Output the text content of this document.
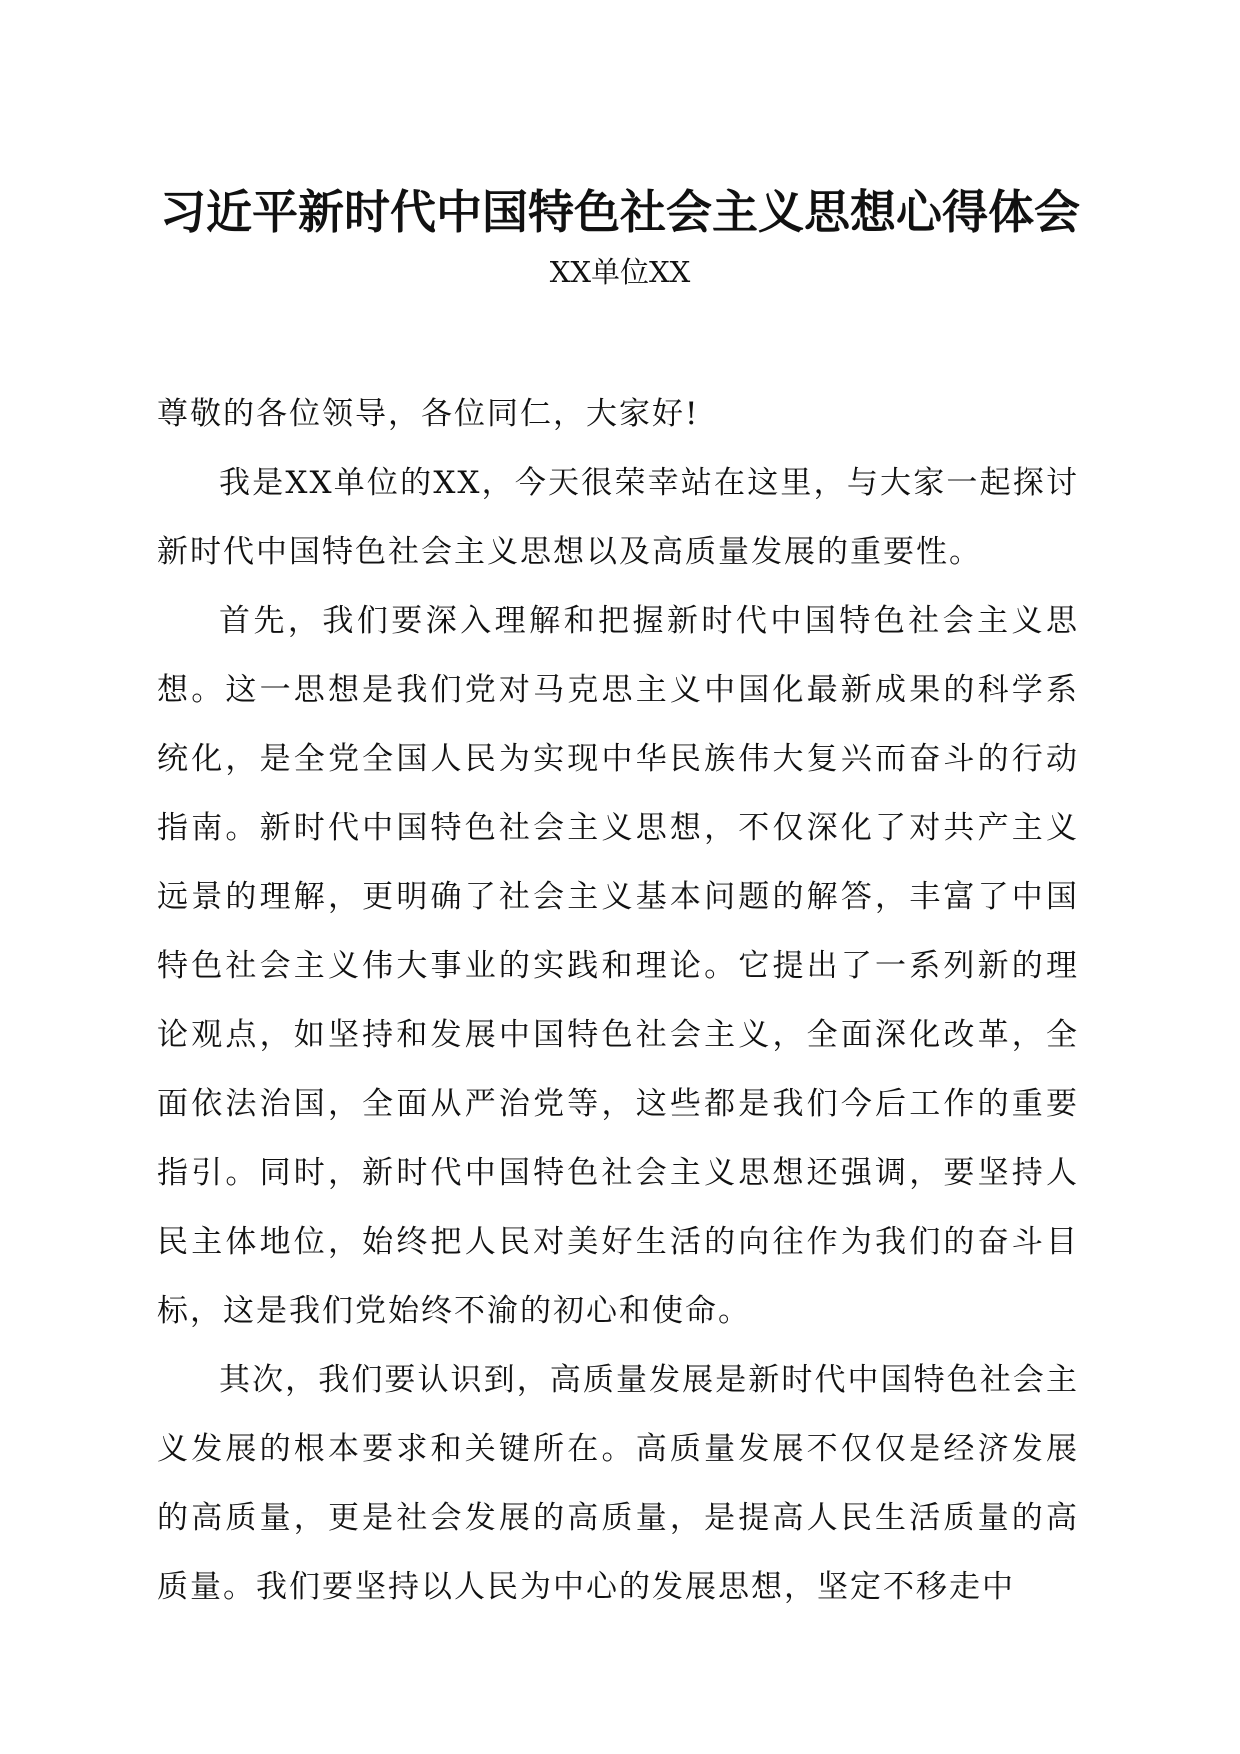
习近平新时代中国特色社会主义思想心得体会
XX单位XX

尊敬的各位领导，各位同仁，大家好!

我是XX单位的XX，今天很荣幸站在这里，与大家一起探讨新时代中国特色社会主义思想以及高质量发展的重要性。

首先，我们要深入理解和把握新时代中国特色社会主义思想。这一思想是我们党对马克思主义中国化最新成果的科学系统化，是全党全国人民为实现中华民族伟大复兴而奋斗的行动指南。新时代中国特色社会主义思想，不仅深化了对共产主义远景的理解，更明确了社会主义基本问题的解答，丰富了中国特色社会主义伟大事业的实践和理论。它提出了一系列新的理论观点，如坚持和发展中国特色社会主义，全面深化改革，全面依法治国，全面从严治党等，这些都是我们今后工作的重要指引。同时，新时代中国特色社会主义思想还强调，要坚持人民主体地位，始终把人民对美好生活的向往作为我们的奋斗目标，这是我们党始终不渝的初心和使命。

其次，我们要认识到，高质量发展是新时代中国特色社会主义发展的根本要求和关键所在。高质量发展不仅仅是经济发展的高质量，更是社会发展的高质量，是提高人民生活质量的高质量。我们要坚持以人民为中心的发展思想，坚定不移走中
